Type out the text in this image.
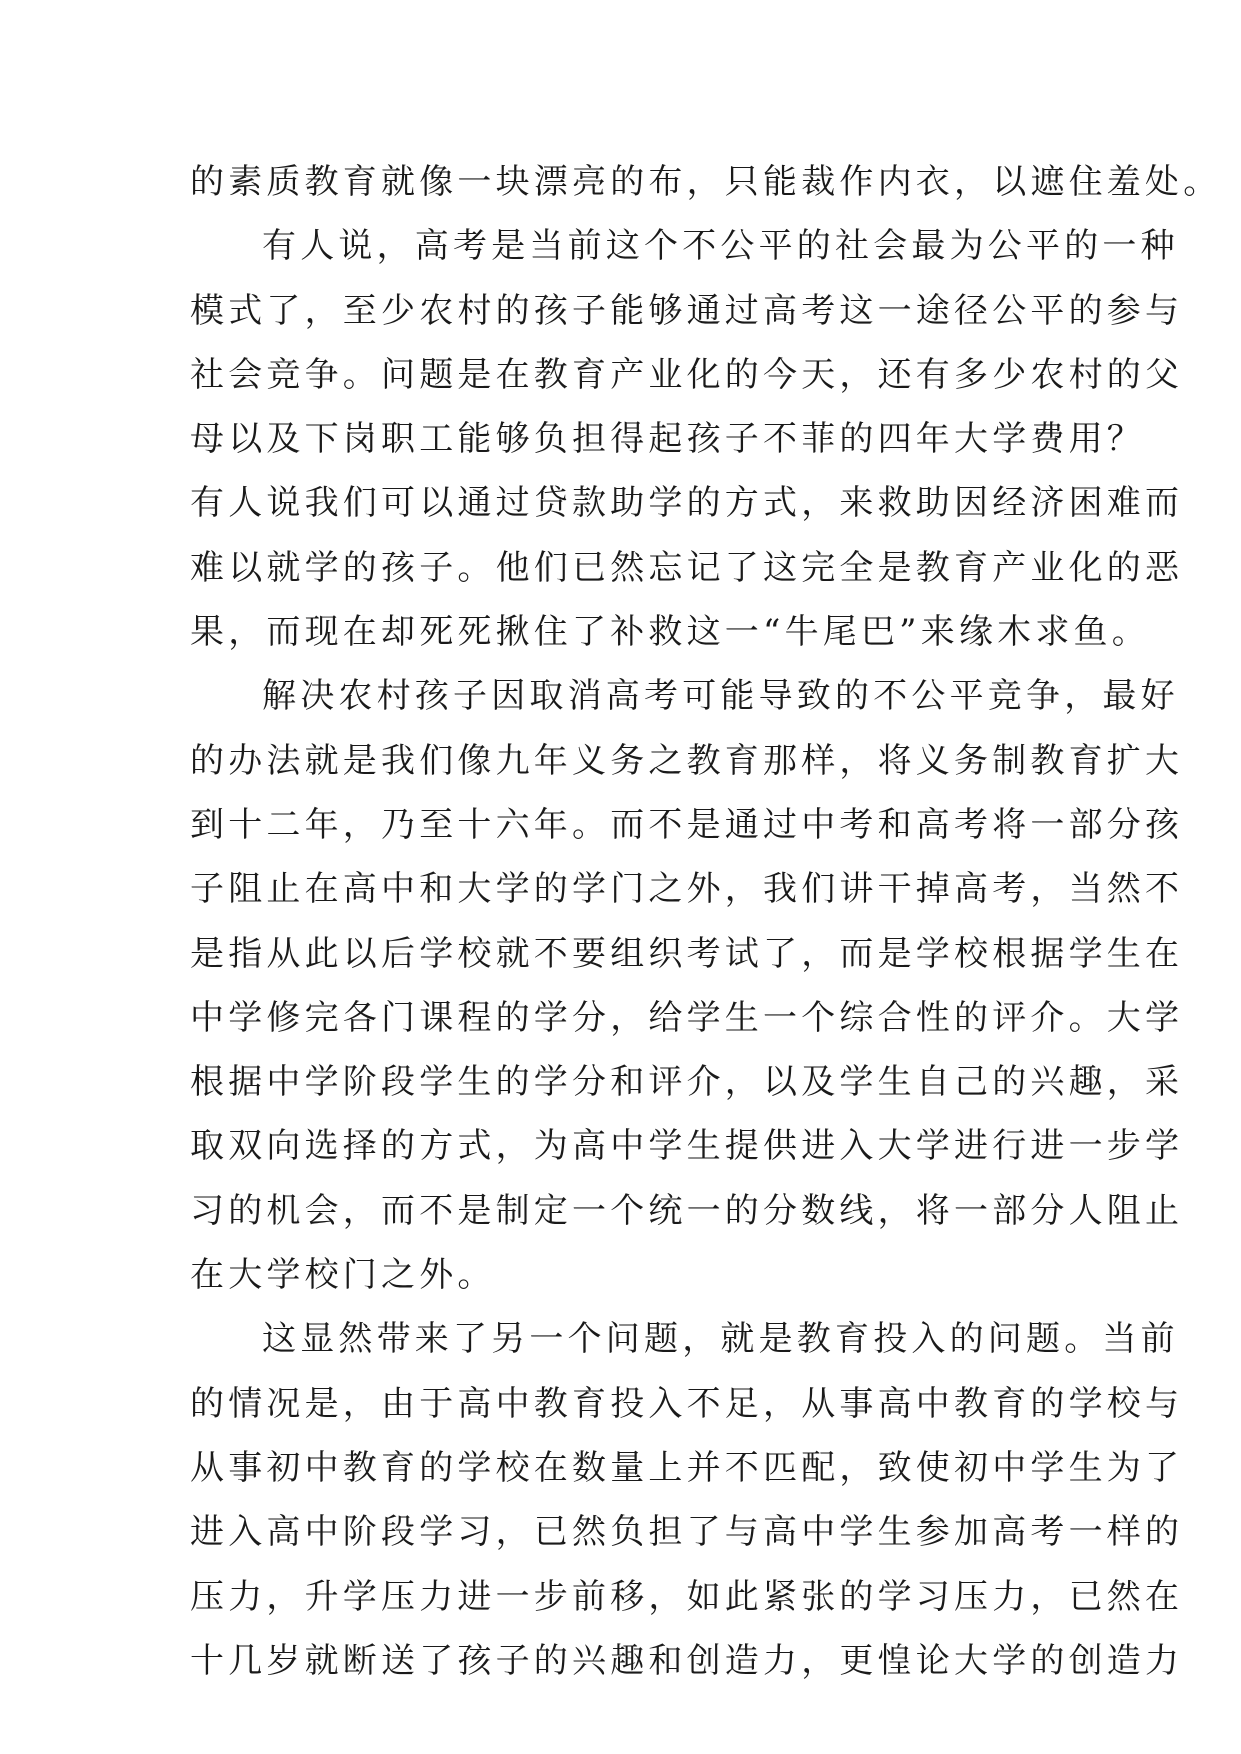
的素质教育就像一块漂亮的布，只能裁作内衣，以遮住羞处。
有人说，高考是当前这个不公平的社会最为公平的一种
模式了，至少农村的孩子能够通过高考这一途径公平的参与
社会竞争。问题是在教育产业化的今天，还有多少农村的父
母以及下岗职工能够负担得起孩子不菲的四年大学费用？
有人说我们可以通过贷款助学的方式，来救助因经济困难而
难以就学的孩子。他们已然忘记了这完全是教育产业化的恶
果，而现在却死死揪住了补救这一“牛尾巴”来缘木求鱼。
解决农村孩子因取消高考可能导致的不公平竞争，最好
的办法就是我们像九年义务之教育那样，将义务制教育扩大
到十二年，乃至十六年。而不是通过中考和高考将一部分孩
子阻止在高中和大学的学门之外，我们讲干掉高考，当然不
是指从此以后学校就不要组织考试了，而是学校根据学生在
中学修完各门课程的学分，给学生一个综合性的评介。大学
根据中学阶段学生的学分和评介，以及学生自己的兴趣，采
取双向选择的方式，为高中学生提供进入大学进行进一步学
习的机会，而不是制定一个统一的分数线，将一部分人阻止
在大学校门之外。
这显然带来了另一个问题，就是教育投入的问题。当前
的情况是，由于高中教育投入不足，从事高中教育的学校与
从事初中教育的学校在数量上并不匹配，致使初中学生为了
进入高中阶段学习，已然负担了与高中学生参加高考一样的
压力，升学压力进一步前移，如此紧张的学习压力，已然在
十几岁就断送了孩子的兴趣和创造力，更惶论大学的创造力
